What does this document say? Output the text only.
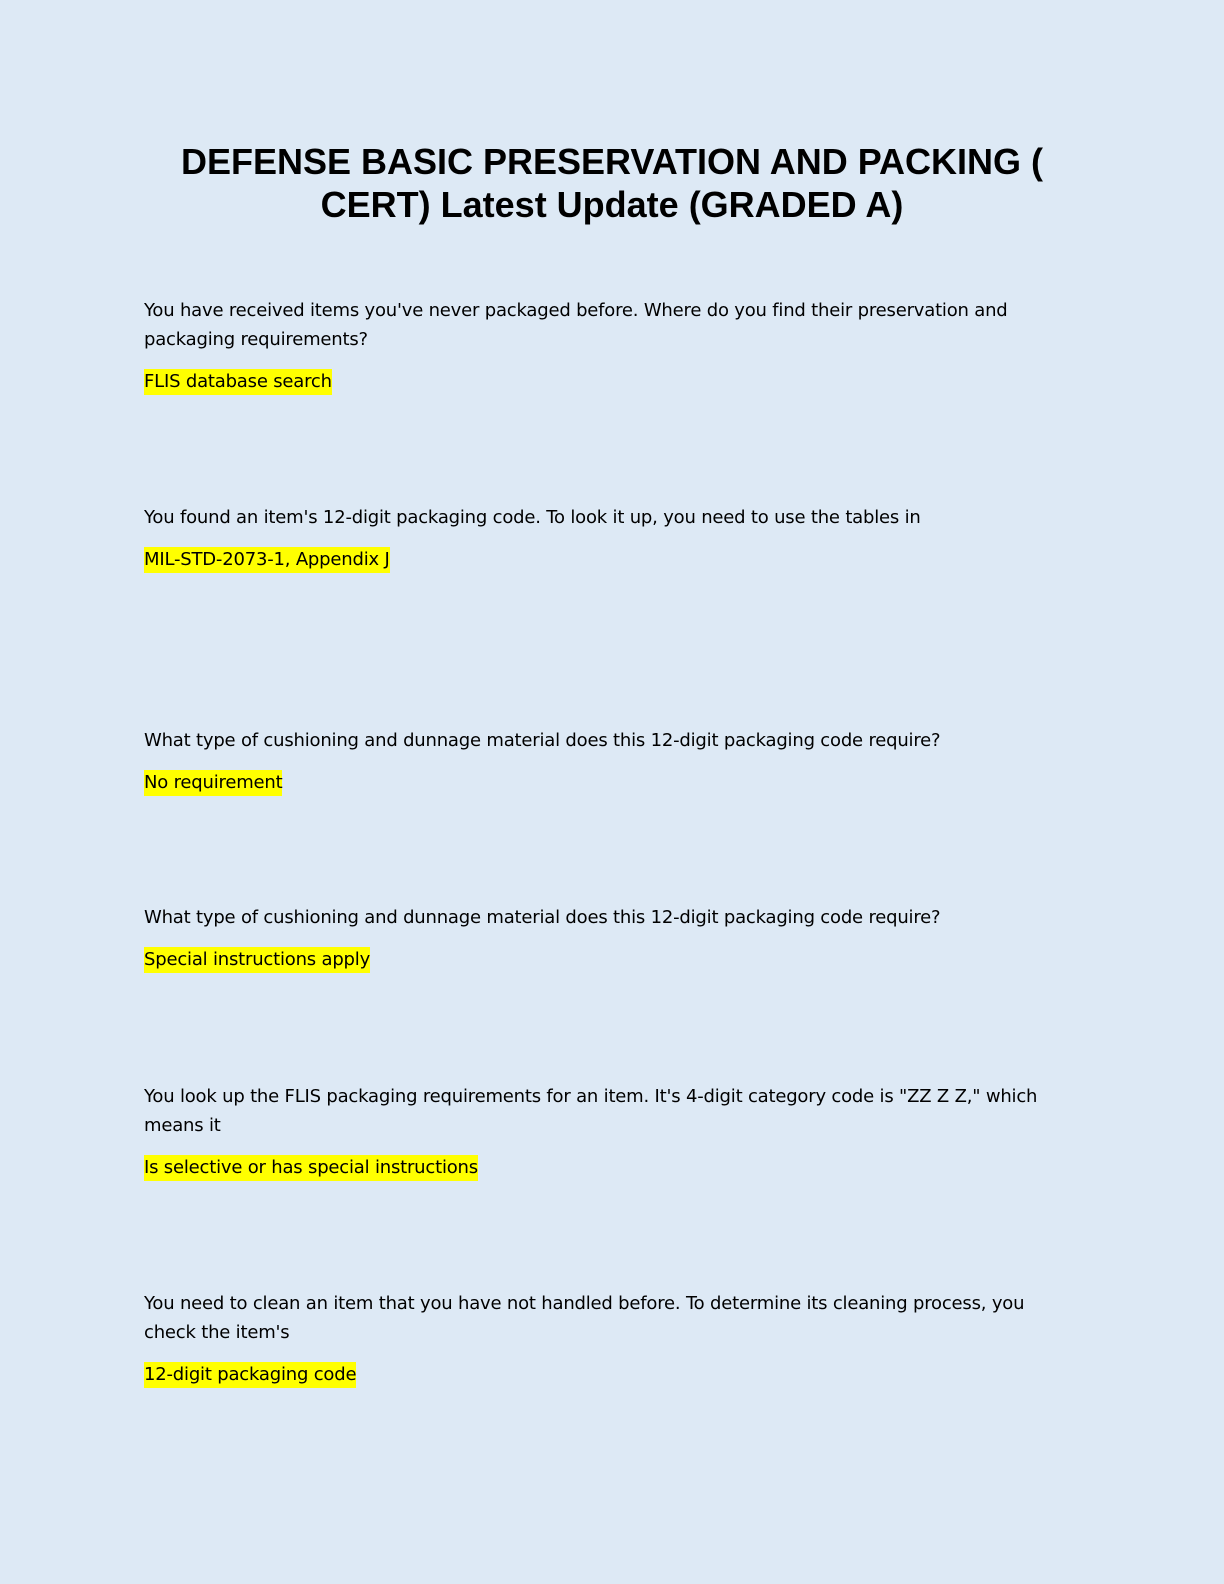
DEFENSE BASIC PRESERVATION AND PACKING ( CERT) Latest Update (GRADED A)

You have received items you've never packaged before. Where do you find their preservation and packaging requirements?

FLIS database search

You found an item's 12-digit packaging code. To look it up, you need to use the tables in

MIL-STD-2073-1, Appendix J

What type of cushioning and dunnage material does this 12-digit packaging code require?

No requirement

What type of cushioning and dunnage material does this 12-digit packaging code require?

Special instructions apply

You look up the FLIS packaging requirements for an item. It's 4-digit category code is "ZZ Z Z," which means it

Is selective or has special instructions

You need to clean an item that you have not handled before. To determine its cleaning process, you check the item's

12-digit packaging code
